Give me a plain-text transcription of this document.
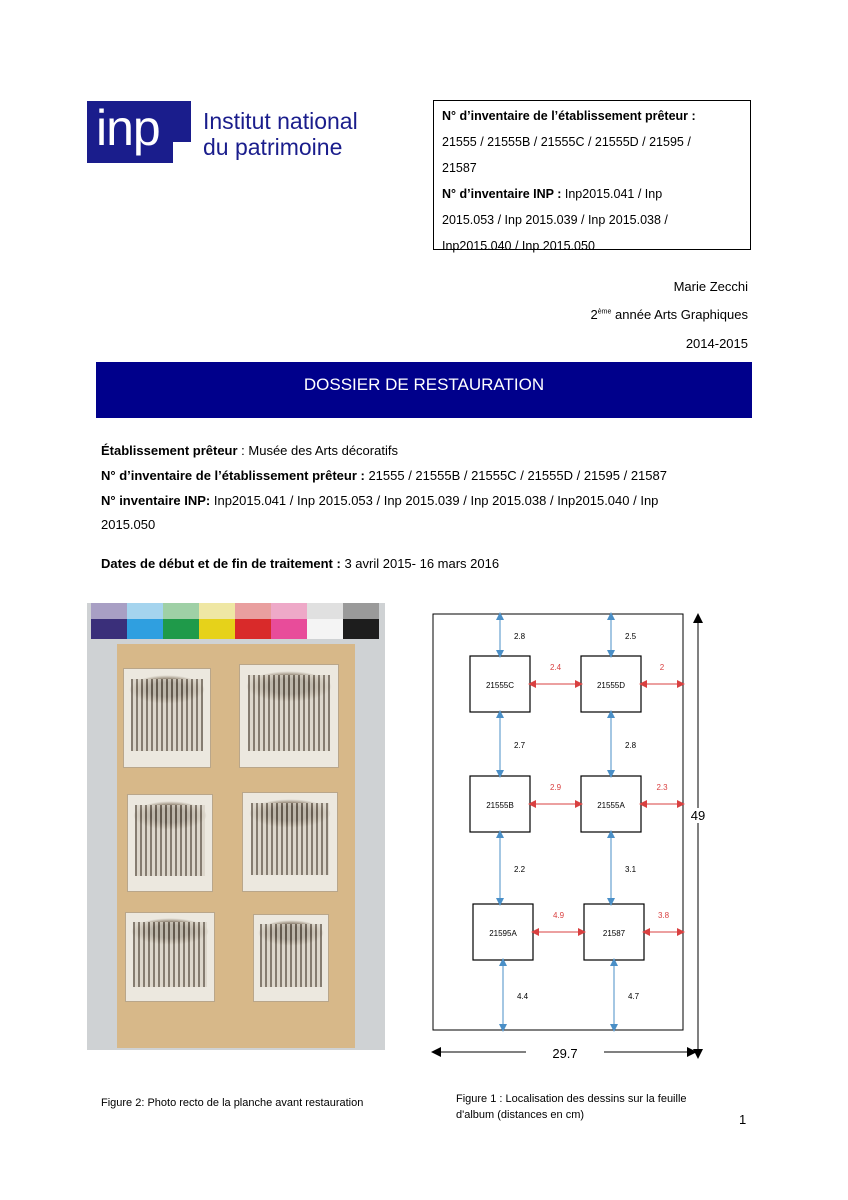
inp Institut national
du patrimoine
N° d’inventaire de l’établissement prêteur :
21555 / 21555B / 21555C / 21555D / 21595 /
21587
N° d’inventaire INP : Inp2015.041 / Inp
2015.053 / Inp 2015.039 / Inp 2015.038 /
Inp2015.040 / Inp 2015.050
Marie Zecchi
2ème année Arts Graphiques
2014-2015
DOSSIER DE RESTAURATION
Établissement prêteur : Musée des Arts décoratifs
N° d’inventaire de l’établissement prêteur : 21555 / 21555B / 21555C / 21555D / 21595 / 21587
N° inventaire INP: Inp2015.041 / Inp 2015.053 / Inp 2015.039 / Inp 2015.038 / Inp2015.040 / Inp
2015.050
Dates de début et de fin de traitement : 3 avril 2015- 16 mars 2016
21555C	21555D
21555B	21555A
21595A	21587
2.8	2.5
2.7	2.8
2.2	3.1
4.4	4.7
2.4	2
2.9	2.3
4.9	3.8
49
29.7
Figure 2: Photo recto de la planche avant restauration	Figure 1 : Localisation des dessins sur la feuille
d'album (distances en cm)	1
